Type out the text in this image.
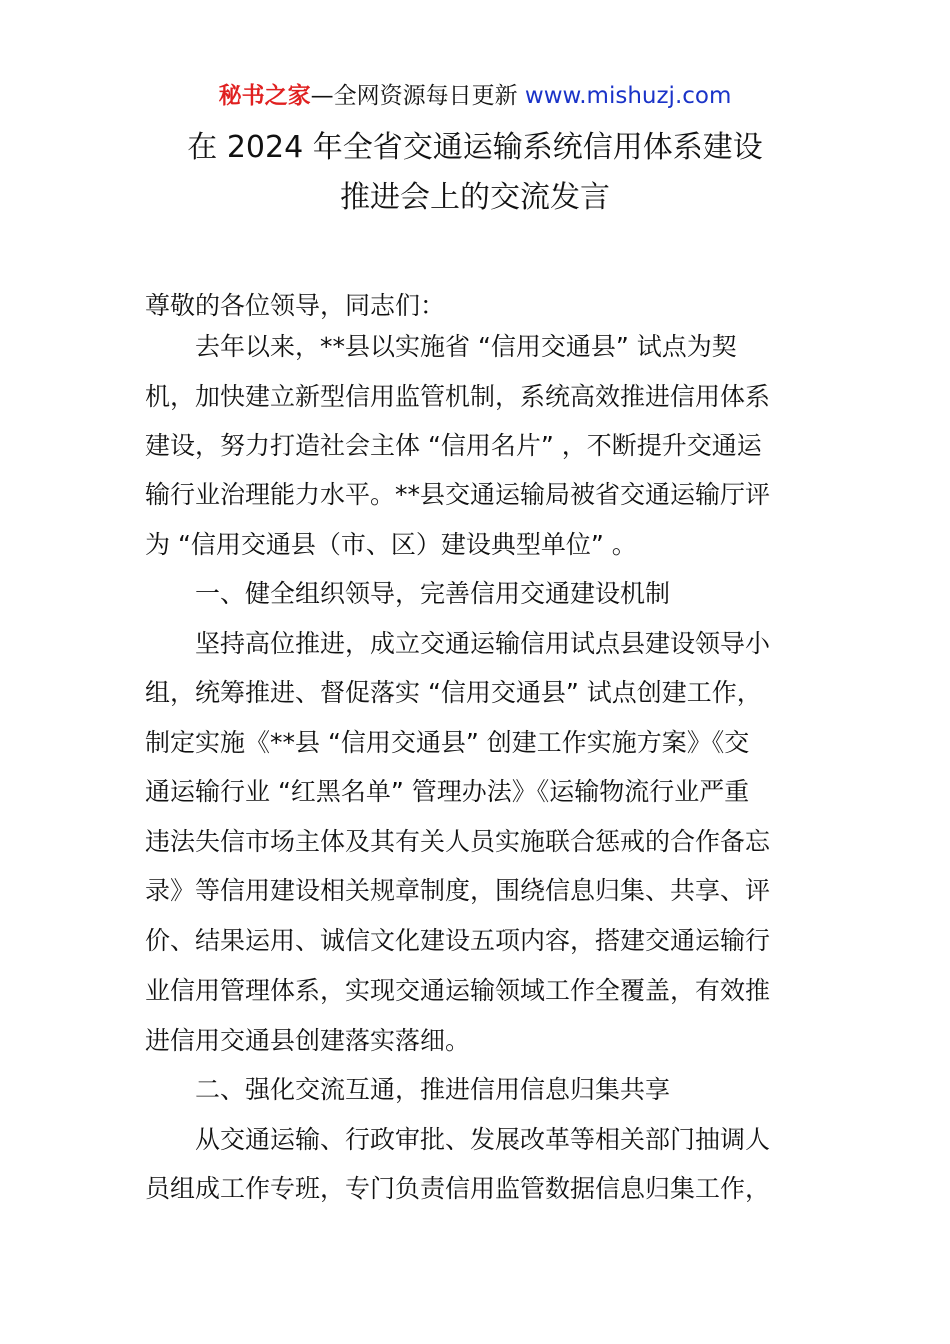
秘书之家—全网资源每日更新 www.mishuzj.com
在 2024 年全省交通运输系统信用体系建设
推进会上的交流发言
尊敬的各位领导，同志们：
　　去年以来，**县以实施省 “信用交通县” 试点为契
机，加快建立新型信用监管机制，系统高效推进信用体系
建设，努力打造社会主体 “信用名片” ，不断提升交通运
输行业治理能力水平。**县交通运输局被省交通运输厅评
为 “信用交通县（市、区）建设典型单位” 。
　　一、健全组织领导，完善信用交通建设机制
　　坚持高位推进，成立交通运输信用试点县建设领导小
组，统筹推进、督促落实 “信用交通县” 试点创建工作，
制定实施《**县 “信用交通县” 创建工作实施方案》《交
通运输行业 “红黑名单” 管理办法》《运输物流行业严重
违法失信市场主体及其有关人员实施联合惩戒的合作备忘
录》等信用建设相关规章制度，围绕信息归集、共享、评
价、结果运用、诚信文化建设五项内容，搭建交通运输行
业信用管理体系，实现交通运输领域工作全覆盖，有效推
进信用交通县创建落实落细。
　　二、强化交流互通，推进信用信息归集共享
　　从交通运输、行政审批、发展改革等相关部门抽调人
员组成工作专班，专门负责信用监管数据信息归集工作，
